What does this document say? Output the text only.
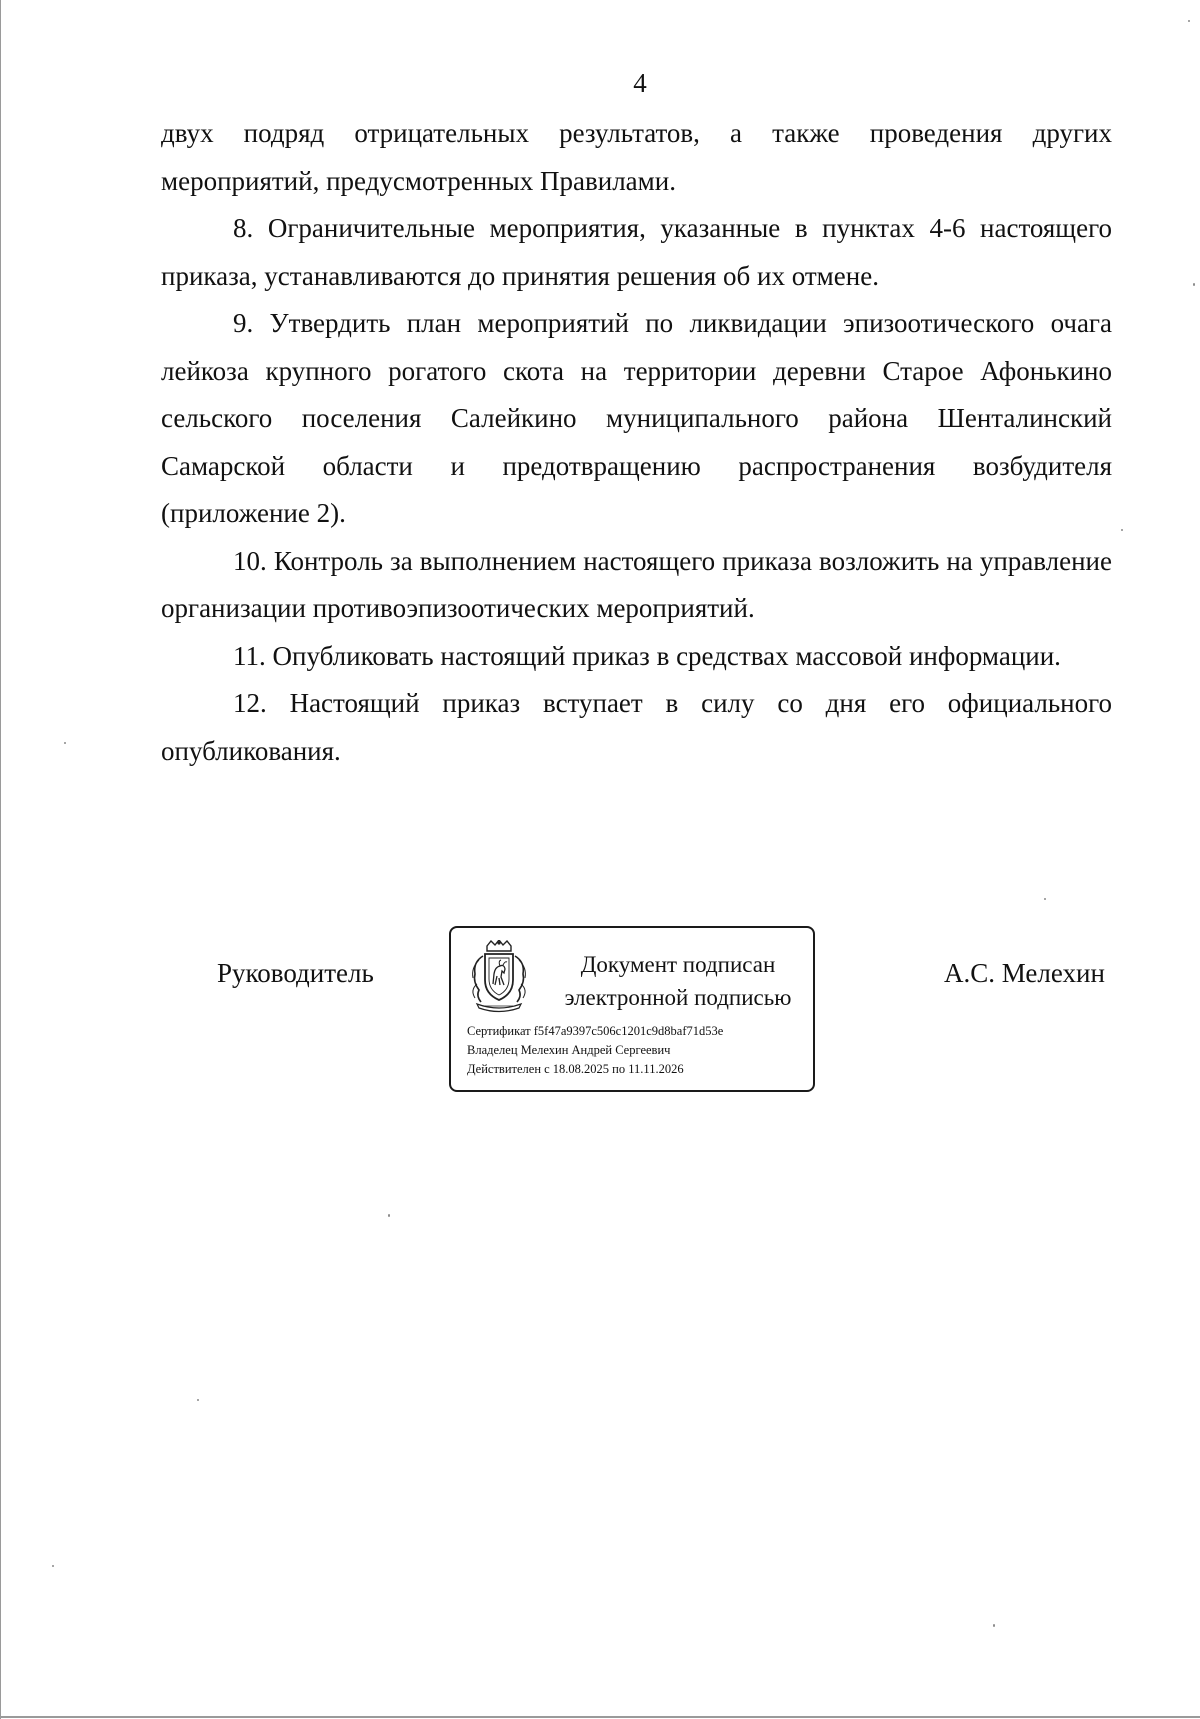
4

двух подряд отрицательных результатов, а также проведения других мероприятий, предусмотренных Правилами.

8. Ограничительные мероприятия, указанные в пунктах 4-6 настоящего приказа, устанавливаются до принятия решения об их отмене.

9. Утвердить план мероприятий по ликвидации эпизоотического очага лейкоза крупного рогатого скота на территории деревни Старое Афонькино сельского поселения Салейкино муниципального района Шенталинский Самарской области и предотвращению распространения возбудителя (приложение 2).

10. Контроль за выполнением настоящего приказа возложить на управление организации противоэпизоотических мероприятий.

11. Опубликовать настоящий приказ в средствах массовой информации.

12. Настоящий приказ вступает в силу со дня его официального опубликования.

Руководитель	Документ подписан
электронной подписью
Сертификат f5f47a9397c506c1201c9d8baf71d53e
Владелец Мелехин Андрей Сергеевич
Действителен с 18.08.2025 по 11.11.2026
А.С. Мелехин
